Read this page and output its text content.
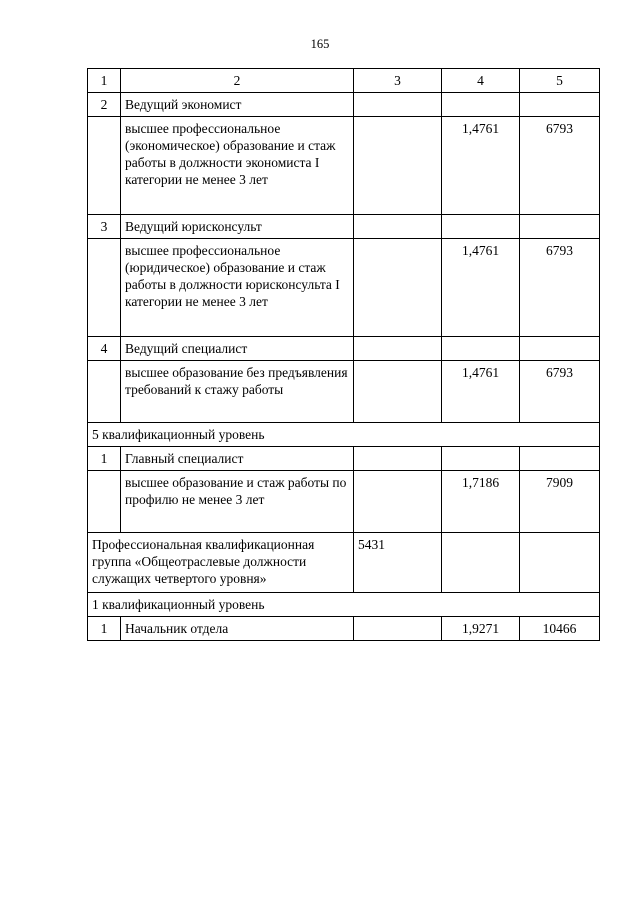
165
1	2	3	4	5
2	Ведущий экономист			
	высшее профессиональное (экономическое) образование и стаж работы в должности экономиста I категории не менее 3 лет		1,4761	6793
3	Ведущий юрисконсульт			
	высшее профессиональное (юридическое) образование и стаж работы в должности юрисконсульта I категории не менее 3 лет		1,4761	6793
4	Ведущий специалист			
	высшее образование без предъявления требований к стажу работы		1,4761	6793
5 квалификационный уровень				
1	Главный специалист			
	высшее образование и стаж работы по профилю не менее 3 лет		1,7186	7909
Профессиональная квалификационная группа «Общеотраслевые должности служащих четвертого уровня»		5431		
1 квалификационный уровень				
1	Начальник отдела		1,9271	10466
